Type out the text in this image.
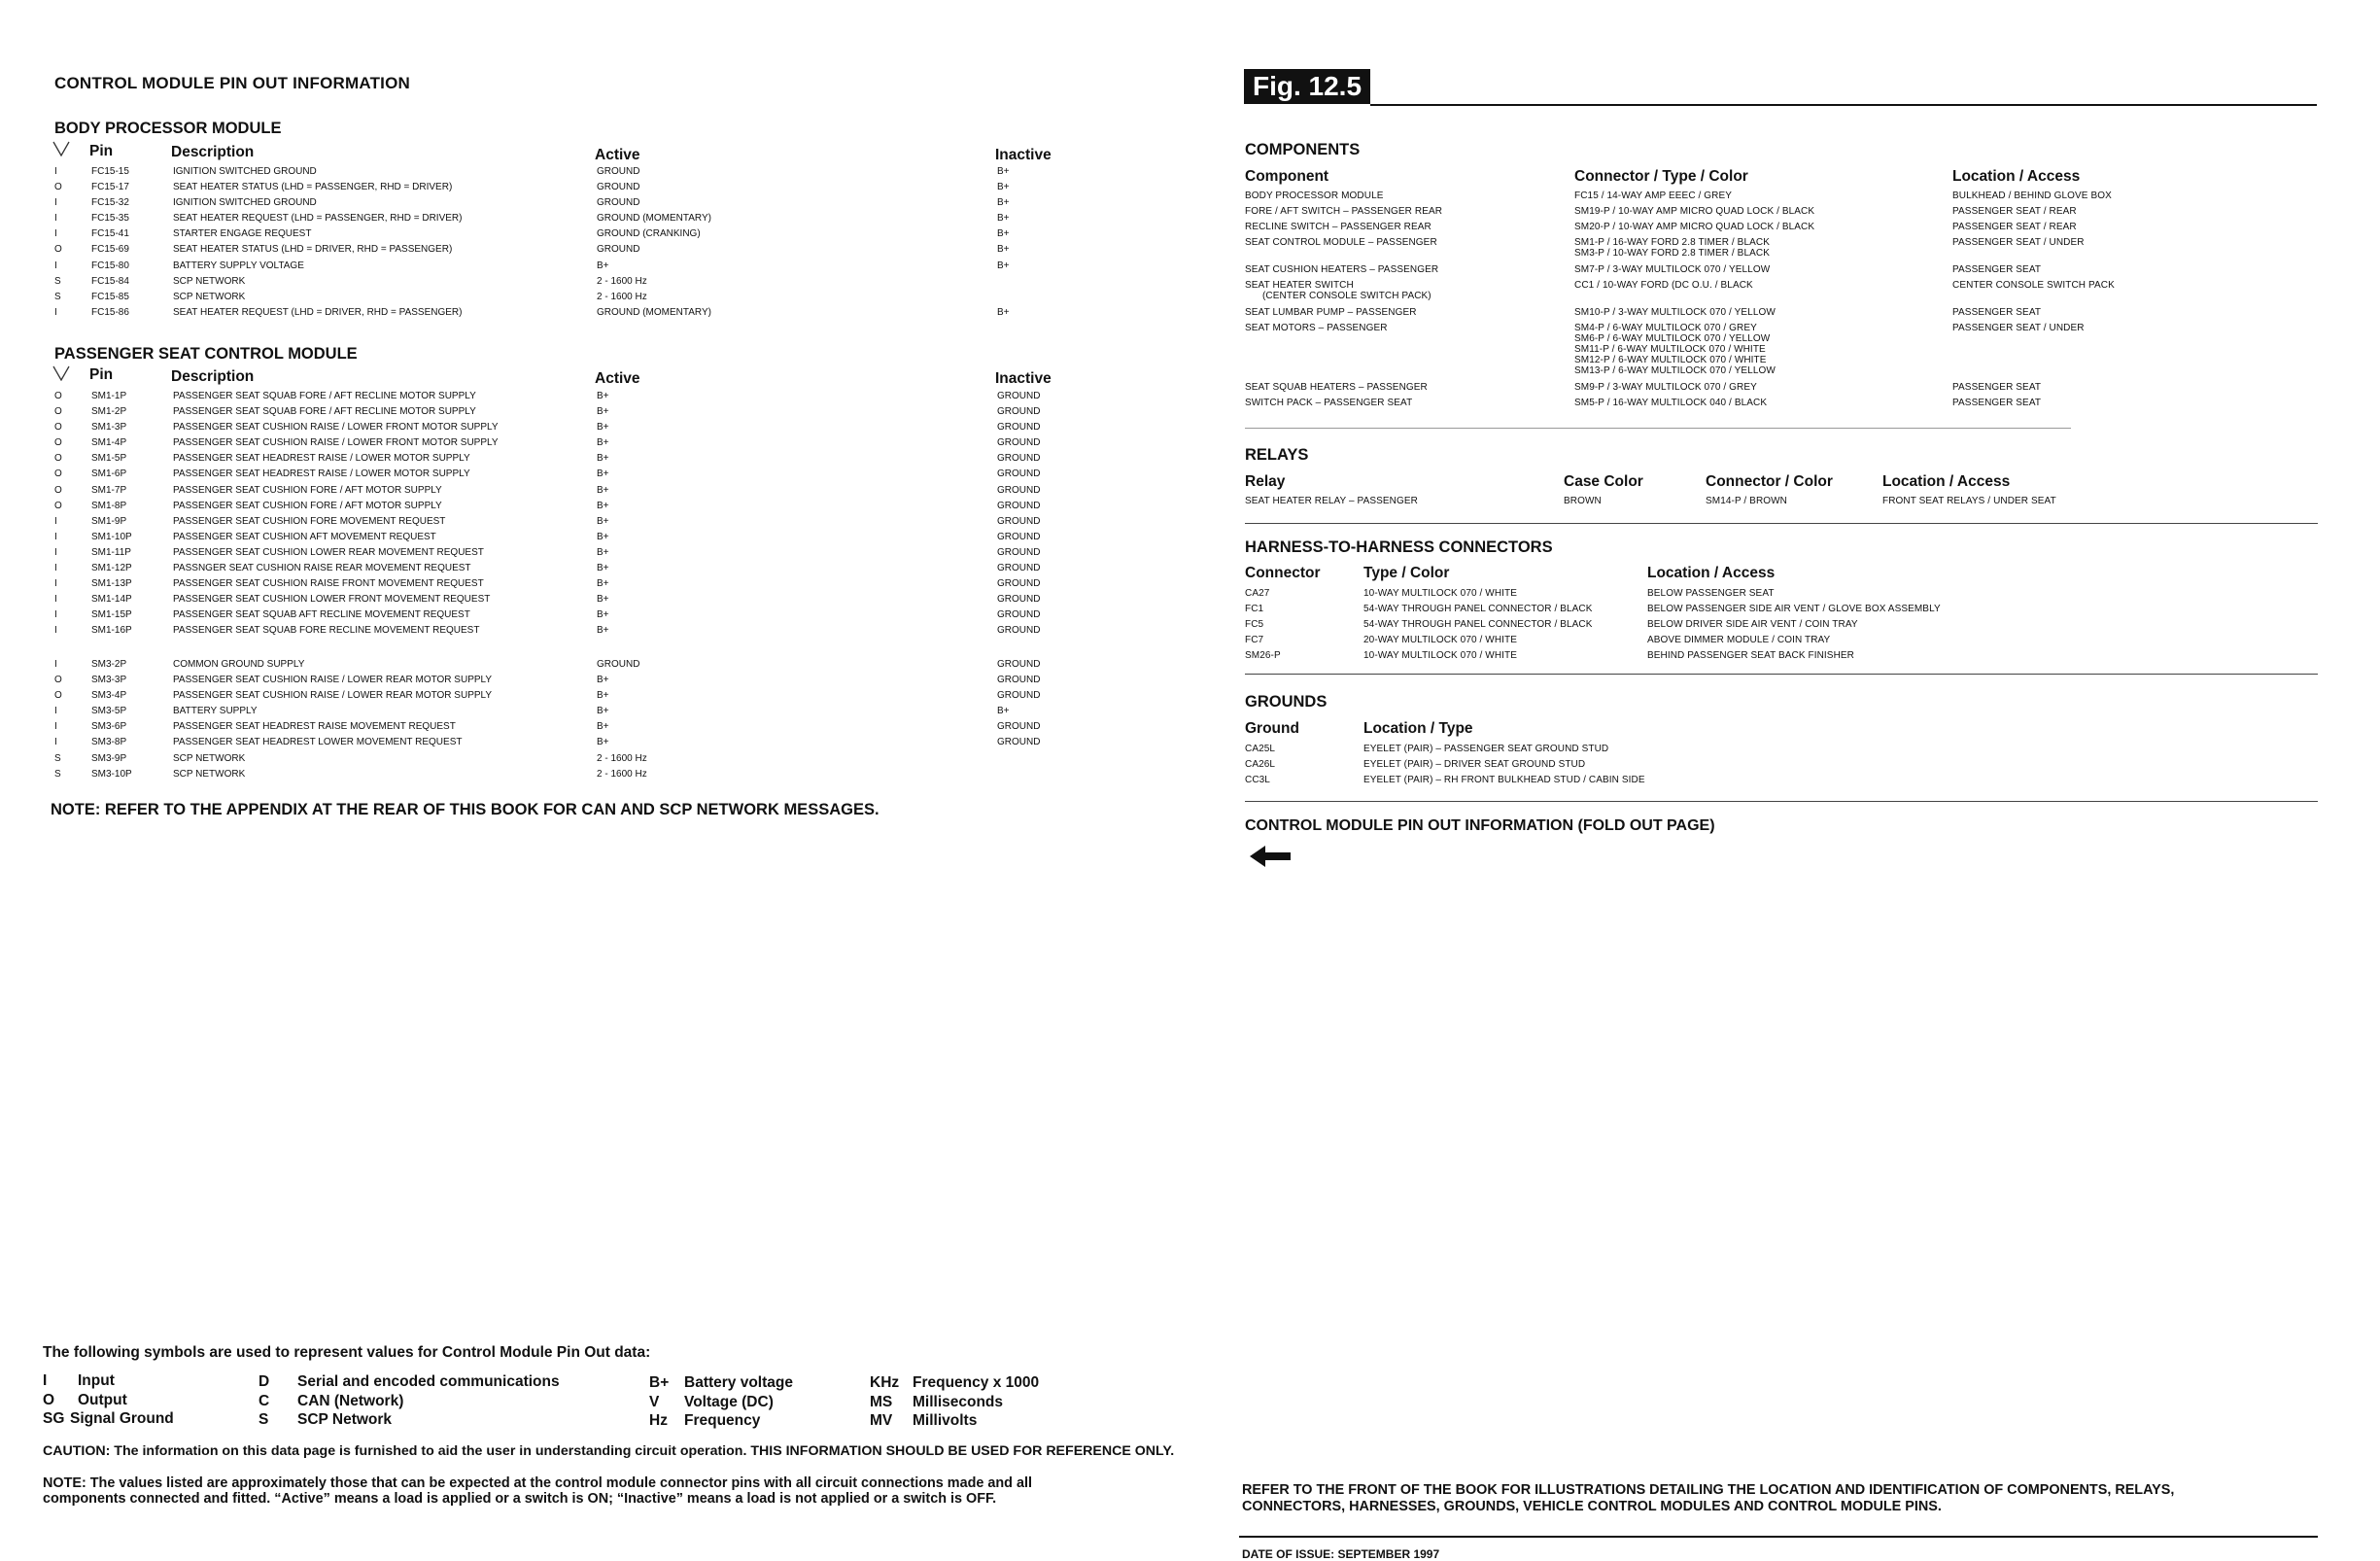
CONTROL MODULE PIN OUT INFORMATION
BODY PROCESSOR MODULE
Pin	Description	Active	Inactive
I	FC15-15	IGNITION SWITCHED GROUND	GROUND	B+
O	FC15-17	SEAT HEATER STATUS (LHD = PASSENGER, RHD = DRIVER)	GROUND	B+
I	FC15-32	IGNITION SWITCHED GROUND	GROUND	B+
I	FC15-35	SEAT HEATER REQUEST (LHD = PASSENGER, RHD = DRIVER)	GROUND (MOMENTARY)	B+
I	FC15-41	STARTER ENGAGE REQUEST	GROUND (CRANKING)	B+
O	FC15-69	SEAT HEATER STATUS (LHD = DRIVER, RHD = PASSENGER)	GROUND	B+
I	FC15-80	BATTERY SUPPLY VOLTAGE	B+	B+
S	FC15-84	SCP NETWORK	2 - 1600 Hz	
S	FC15-85	SCP NETWORK	2 - 1600 Hz	
I	FC15-86	SEAT HEATER REQUEST (LHD = DRIVER, RHD = PASSENGER)	GROUND (MOMENTARY)	B+
PASSENGER SEAT CONTROL MODULE
Pin	Description	Active	Inactive
O	SM1-1P	PASSENGER SEAT SQUAB FORE / AFT RECLINE MOTOR SUPPLY	B+	GROUND
O	SM1-2P	PASSENGER SEAT SQUAB FORE / AFT RECLINE MOTOR SUPPLY	B+	GROUND
O	SM1-3P	PASSENGER SEAT CUSHION RAISE / LOWER FRONT MOTOR SUPPLY	B+	GROUND
O	SM1-4P	PASSENGER SEAT CUSHION RAISE / LOWER FRONT MOTOR SUPPLY	B+	GROUND
O	SM1-5P	PASSENGER SEAT HEADREST RAISE / LOWER MOTOR SUPPLY	B+	GROUND
O	SM1-6P	PASSENGER SEAT HEADREST RAISE / LOWER MOTOR SUPPLY	B+	GROUND
O	SM1-7P	PASSENGER SEAT CUSHION FORE / AFT MOTOR SUPPLY	B+	GROUND
O	SM1-8P	PASSENGER SEAT CUSHION FORE / AFT MOTOR SUPPLY	B+	GROUND
I	SM1-9P	PASSENGER SEAT CUSHION FORE MOVEMENT REQUEST	B+	GROUND
I	SM1-10P	PASSENGER SEAT CUSHION AFT MOVEMENT REQUEST	B+	GROUND
I	SM1-11P	PASSENGER SEAT CUSHION LOWER REAR MOVEMENT REQUEST	B+	GROUND
I	SM1-12P	PASSNGER SEAT CUSHION RAISE REAR MOVEMENT REQUEST	B+	GROUND
I	SM1-13P	PASSENGER SEAT CUSHION RAISE FRONT MOVEMENT REQUEST	B+	GROUND
I	SM1-14P	PASSENGER SEAT CUSHION LOWER FRONT MOVEMENT REQUEST	B+	GROUND
I	SM1-15P	PASSENGER SEAT SQUAB AFT RECLINE MOVEMENT REQUEST	B+	GROUND
I	SM1-16P	PASSENGER SEAT SQUAB FORE RECLINE MOVEMENT REQUEST	B+	GROUND
I	SM3-2P	COMMON GROUND SUPPLY	GROUND	GROUND
O	SM3-3P	PASSENGER SEAT CUSHION RAISE / LOWER REAR MOTOR SUPPLY	B+	GROUND
O	SM3-4P	PASSENGER SEAT CUSHION RAISE / LOWER REAR MOTOR SUPPLY	B+	GROUND
I	SM3-5P	BATTERY SUPPLY	B+	B+
I	SM3-6P	PASSENGER SEAT HEADREST RAISE MOVEMENT REQUEST	B+	GROUND
I	SM3-8P	PASSENGER SEAT HEADREST LOWER MOVEMENT REQUEST	B+	GROUND
S	SM3-9P	SCP NETWORK	2 - 1600 Hz	
S	SM3-10P	SCP NETWORK	2 - 1600 Hz	
NOTE: REFER TO THE APPENDIX AT THE REAR OF THIS BOOK FOR CAN AND SCP NETWORK MESSAGES.
The following symbols are used to represent values for Control Module Pin Out data:
I Input
O Output
SG Signal Ground
D Serial and encoded communications
C CAN (Network)
S SCP Network
B+ Battery voltage
V Voltage (DC)
Hz Frequency
KHz Frequency x 1000
MS Milliseconds
MV Millivolts
CAUTION: The information on this data page is furnished to aid the user in understanding circuit operation. THIS INFORMATION SHOULD BE USED FOR REFERENCE ONLY.
NOTE: The values listed are approximately those that can be expected at the control module connector pins with all circuit connections made and all
components connected and fitted. “Active” means a load is applied or a switch is ON; “Inactive” means a load is not applied or a switch is OFF.
Fig. 12.5
COMPONENTS
Component	Connector / Type / Color	Location / Access
BODY PROCESSOR MODULE	FC15 / 14-WAY AMP EEEC / GREY	BULKHEAD / BEHIND GLOVE BOX
FORE / AFT SWITCH – PASSENGER REAR	SM19-P / 10-WAY AMP MICRO QUAD LOCK / BLACK	PASSENGER SEAT / REAR
RECLINE SWITCH – PASSENGER REAR	SM20-P / 10-WAY AMP MICRO QUAD LOCK / BLACK	PASSENGER SEAT / REAR
SEAT CONTROL MODULE – PASSENGER	SM1-P / 16-WAY FORD 2.8 TIMER / BLACK
SM3-P / 10-WAY FORD 2.8 TIMER / BLACK
PASSENGER SEAT / UNDER
SEAT CUSHION HEATERS – PASSENGER	SM7-P / 3-WAY MULTILOCK 070 / YELLOW	PASSENGER SEAT
SEAT HEATER SWITCH
(CENTER CONSOLE SWITCH PACK)
CC1 / 10-WAY FORD (DC O.U. / BLACK	CENTER CONSOLE SWITCH PACK
SEAT LUMBAR PUMP – PASSENGER	SM10-P / 3-WAY MULTILOCK 070 / YELLOW	PASSENGER SEAT
SEAT MOTORS – PASSENGER	SM4-P / 6-WAY MULTILOCK 070 / GREY
SM6-P / 6-WAY MULTILOCK 070 / YELLOW
SM11-P / 6-WAY MULTILOCK 070 / WHITE
SM12-P / 6-WAY MULTILOCK 070 / WHITE
SM13-P / 6-WAY MULTILOCK 070 / YELLOW
PASSENGER SEAT / UNDER
SEAT SQUAB HEATERS – PASSENGER	SM9-P / 3-WAY MULTILOCK 070 / GREY	PASSENGER SEAT
SWITCH PACK – PASSENGER SEAT	SM5-P / 16-WAY MULTILOCK 040 / BLACK	PASSENGER SEAT
RELAYS
Relay	Case Color	Connector / Color	Location / Access
SEAT HEATER RELAY – PASSENGER	BROWN	SM14-P / BROWN	FRONT SEAT RELAYS / UNDER SEAT
HARNESS-TO-HARNESS CONNECTORS
Connector	Type / Color	Location / Access
CA27	10-WAY MULTILOCK 070 / WHITE	BELOW PASSENGER SEAT
FC1	54-WAY THROUGH PANEL CONNECTOR / BLACK	BELOW PASSENGER SIDE AIR VENT / GLOVE BOX ASSEMBLY
FC5	54-WAY THROUGH PANEL CONNECTOR / BLACK	BELOW DRIVER SIDE AIR VENT / COIN TRAY
FC7	20-WAY MULTILOCK 070 / WHITE	ABOVE DIMMER MODULE / COIN TRAY
SM26-P	10-WAY MULTILOCK 070 / WHITE	BEHIND PASSENGER SEAT BACK FINISHER
GROUNDS
Ground	Location / Type
CA25L	EYELET (PAIR) – PASSENGER SEAT GROUND STUD
CA26L	EYELET (PAIR) – DRIVER SEAT GROUND STUD
CC3L	EYELET (PAIR) – RH FRONT BULKHEAD STUD / CABIN SIDE
CONTROL MODULE PIN OUT INFORMATION (FOLD OUT PAGE)
REFER TO THE FRONT OF THE BOOK FOR ILLUSTRATIONS DETAILING THE LOCATION AND IDENTIFICATION OF COMPONENTS, RELAYS,
CONNECTORS, HARNESSES, GROUNDS, VEHICLE CONTROL MODULES AND CONTROL MODULE PINS.
DATE OF ISSUE: SEPTEMBER 1997
